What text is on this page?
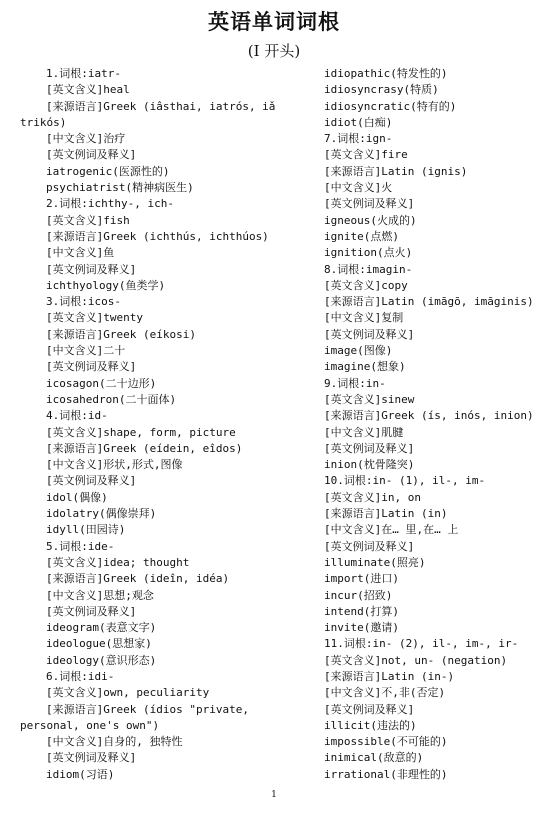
英语单词词根
(I 开头)
1.词根:iatr-
[英文含义]heal
[来源语言]Greek (iâsthai, iatrós, iǎ
trikós)
[中文含义]治疗
[英文例词及释义]
iatrogenic(医源性的)
psychiatrist(精神病医生)
2.词根:ichthy-, ich-
[英文含义]fish
[来源语言]Greek (ichthús, ichthúos)
[中文含义]鱼
[英文例词及释义]
ichthyology(鱼类学)
3.词根:icos-
[英文含义]twenty
[来源语言]Greek (eíkosi)
[中文含义]二十
[英文例词及释义]
icosagon(二十边形)
icosahedron(二十面体)
4.词根:id-
[英文含义]shape, form, picture
[来源语言]Greek (eídein, eîdos)
[中文含义]形状,形式,图像
[英文例词及释义]
idol(偶像)
idolatry(偶像崇拜)
idyll(田园诗)
5.词根:ide-
[英文含义]idea; thought
[来源语言]Greek (ideîn, idéa)
[中文含义]思想;观念
[英文例词及释义]
ideogram(表意文字)
ideologue(思想家)
ideology(意识形态)
6.词根:idi-
[英文含义]own, peculiarity
[来源语言]Greek (ídios "private,
personal, one's own")
[中文含义]自身的, 独特性
[英文例词及释义]
idiom(习语)
idiopathic(特发性的)
idiosyncrasy(特质)
idiosyncratic(特有的)
idiot(白痴)
7.词根:ign-
[英文含义]fire
[来源语言]Latin (ignis)
[中文含义]火
[英文例词及释义]
igneous(火成的)
ignite(点燃)
ignition(点火)
8.词根:imagin-
[英文含义]copy
[来源语言]Latin (imāgō, imāginis)
[中文含义]复制
[英文例词及释义]
image(图像)
imagine(想象)
9.词根:in-
[英文含义]sinew
[来源语言]Greek (ís, inós, inion)
[中文含义]肌腱
[英文例词及释义]
inion(枕骨隆突)
10.词根:in- (1), il-, im-
[英文含义]in, on
[来源语言]Latin (in)
[中文含义]在… 里,在… 上
[英文例词及释义]
illuminate(照亮)
import(进口)
incur(招致)
intend(打算)
invite(邀请)
11.词根:in- (2), il-, im-, ir-
[英文含义]not, un- (negation)
[来源语言]Latin (in-)
[中文含义]不,非(否定)
[英文例词及释义]
illicit(违法的)
impossible(不可能的)
inimical(敌意的)
irrational(非理性的)
1
